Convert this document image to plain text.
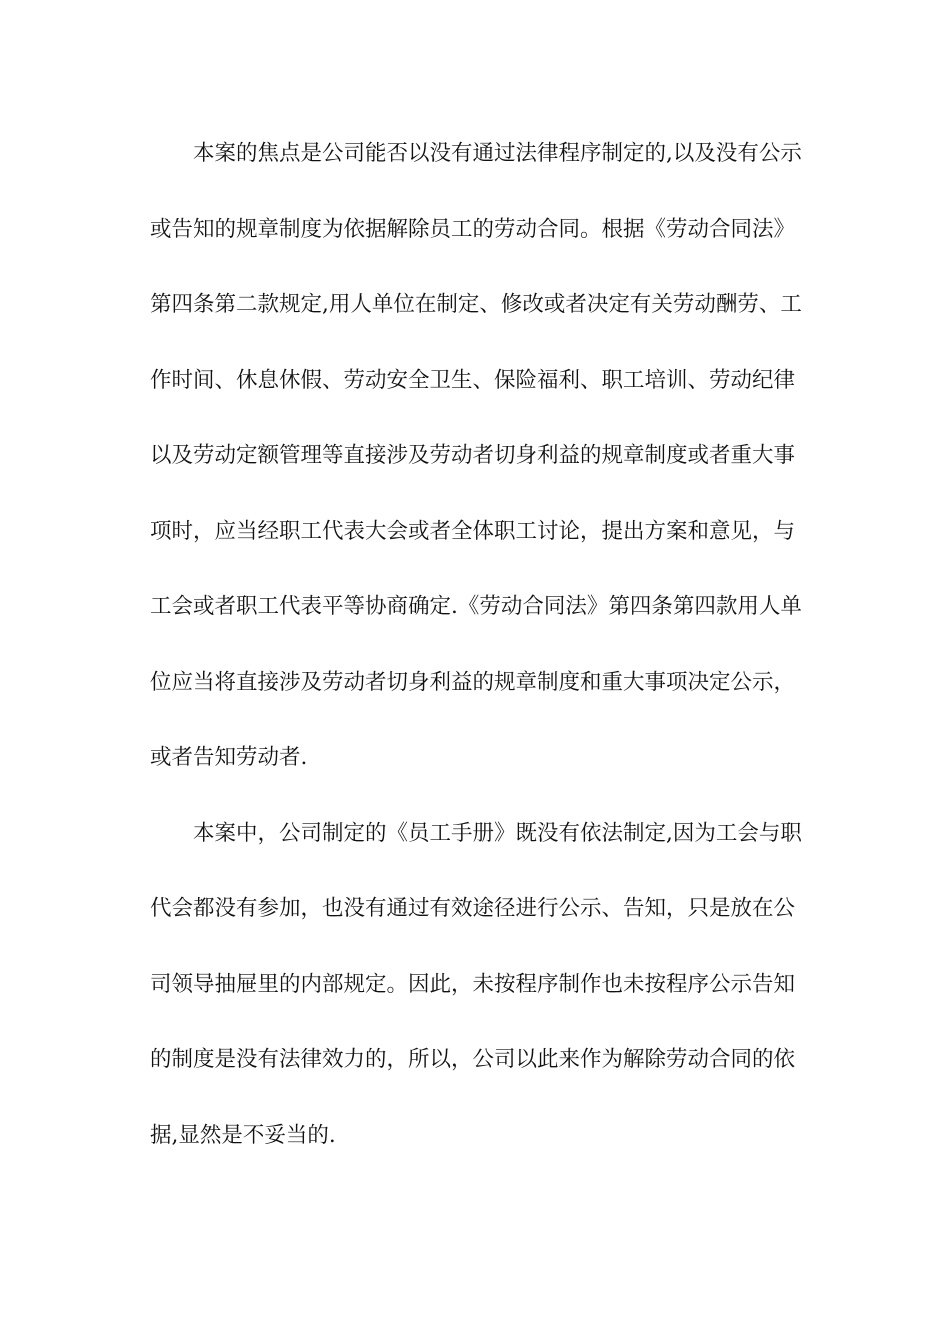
本案的焦点是公司能否以没有通过法律程序制定的,以及没有公示
或告知的规章制度为依据解除员工的劳动合同。根据《劳动合同法》
第四条第二款规定,用人单位在制定、修改或者决定有关劳动酬劳、工
作时间、休息休假、劳动安全卫生、保险福利、职工培训、劳动纪律
以及劳动定额管理等直接涉及劳动者切身利益的规章制度或者重大事
项时，应当经职工代表大会或者全体职工讨论，提出方案和意见，与
工会或者职工代表平等协商确定.《劳动合同法》第四条第四款用人单
位应当将直接涉及劳动者切身利益的规章制度和重大事项决定公示，
或者告知劳动者.
本案中，公司制定的《员工手册》既没有依法制定,因为工会与职
代会都没有参加，也没有通过有效途径进行公示、告知，只是放在公
司领导抽屉里的内部规定。因此，未按程序制作也未按程序公示告知
的制度是没有法律效力的，所以，公司以此来作为解除劳动合同的依
据,显然是不妥当的.
